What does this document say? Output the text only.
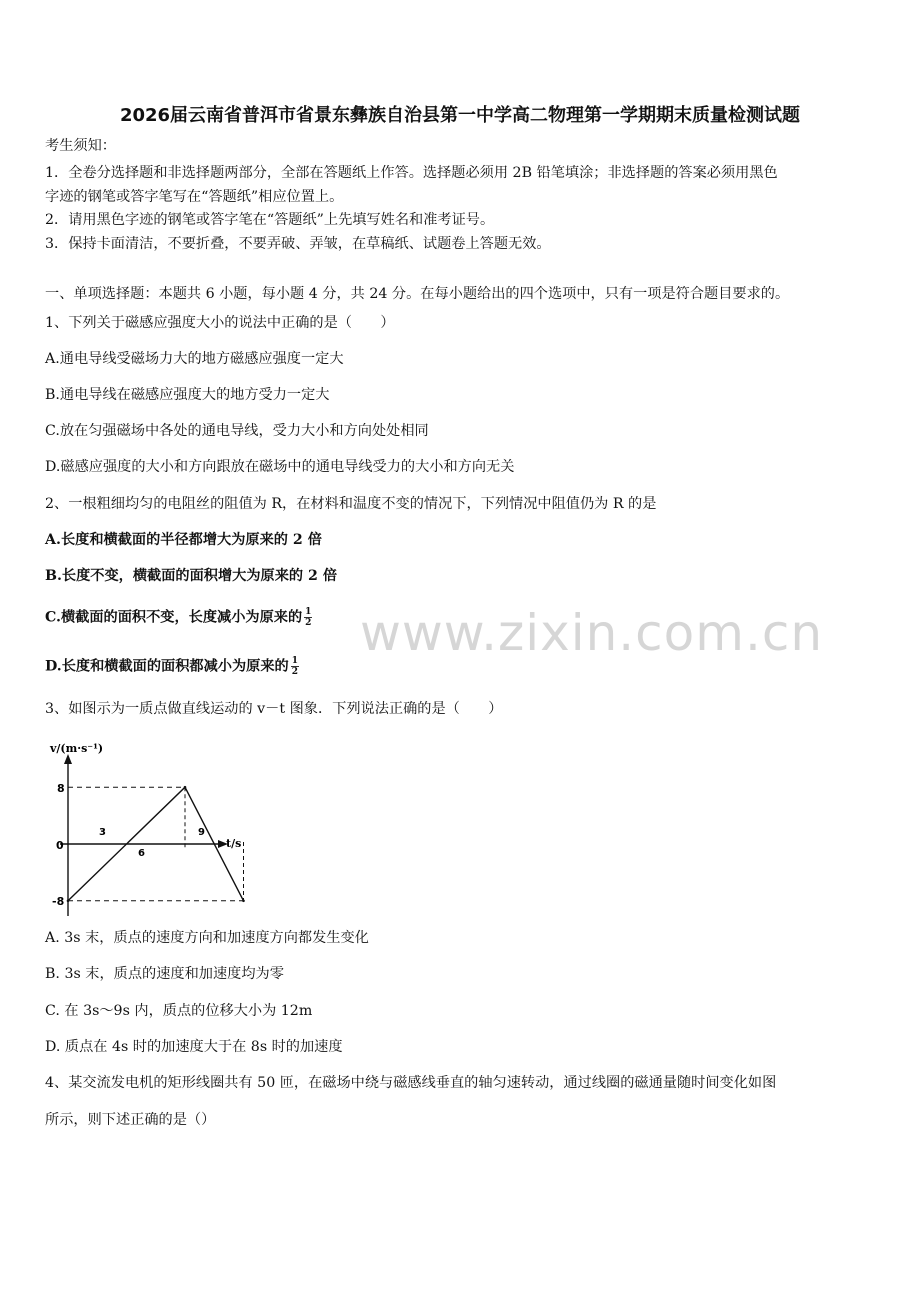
2026届云南省普洱市省景东彝族自治县第一中学高二物理第一学期期末质量检测试题
考生须知：
1．全卷分选择题和非选择题两部分，全部在答题纸上作答。选择题必须用 2B 铅笔填涂；非选择题的答案必须用黑色
字迹的钢笔或答字笔写在“答题纸”相应位置上。
2．请用黑色字迹的钢笔或答字笔在“答题纸”上先填写姓名和准考证号。
3．保持卡面清洁，不要折叠，不要弄破、弄皱，在草稿纸、试题卷上答题无效。
一、单项选择题：本题共 6 小题，每小题 4 分，共 24 分。在每小题给出的四个选项中，只有一项是符合题目要求的。
1、下列关于磁感应强度大小的说法中正确的是（　　）
A.通电导线受磁场力大的地方磁感应强度一定大
B.通电导线在磁感应强度大的地方受力一定大
C.放在匀强磁场中各处的通电导线，受力大小和方向处处相同
D.磁感应强度的大小和方向跟放在磁场中的通电导线受力的大小和方向无关
2、一根粗细均匀的电阻丝的阻值为 R，在材料和温度不变的情况下，下列情况中阻值仍为 R 的是
A.长度和横截面的半径都增大为原来的 2 倍
B.长度不变，横截面的面积增大为原来的 2 倍
C.横截面的面积不变，长度减小为原来的 $\frac{1}{2}$
D.长度和横截面的面积都减小为原来的 $\frac{1}{2}$
3、如图示为一质点做直线运动的 v－t 图象．下列说法正确的是（　　）
v/(m·s⁻¹)
t/s
8
0
-8
3
6
9
A. 3s 末，质点的速度方向和加速度方向都发生变化
B. 3s 末，质点的速度和加速度均为零
C. 在 3s～9s 内，质点的位移大小为 12m
D. 质点在 4s 时的加速度大于在 8s 时的加速度
4、某交流发电机的矩形线圈共有 50 匝，在磁场中绕与磁感线垂直的轴匀速转动，通过线圈的磁通量随时间变化如图
所示，则下述正确的是（）
www.zixin.com.cn
